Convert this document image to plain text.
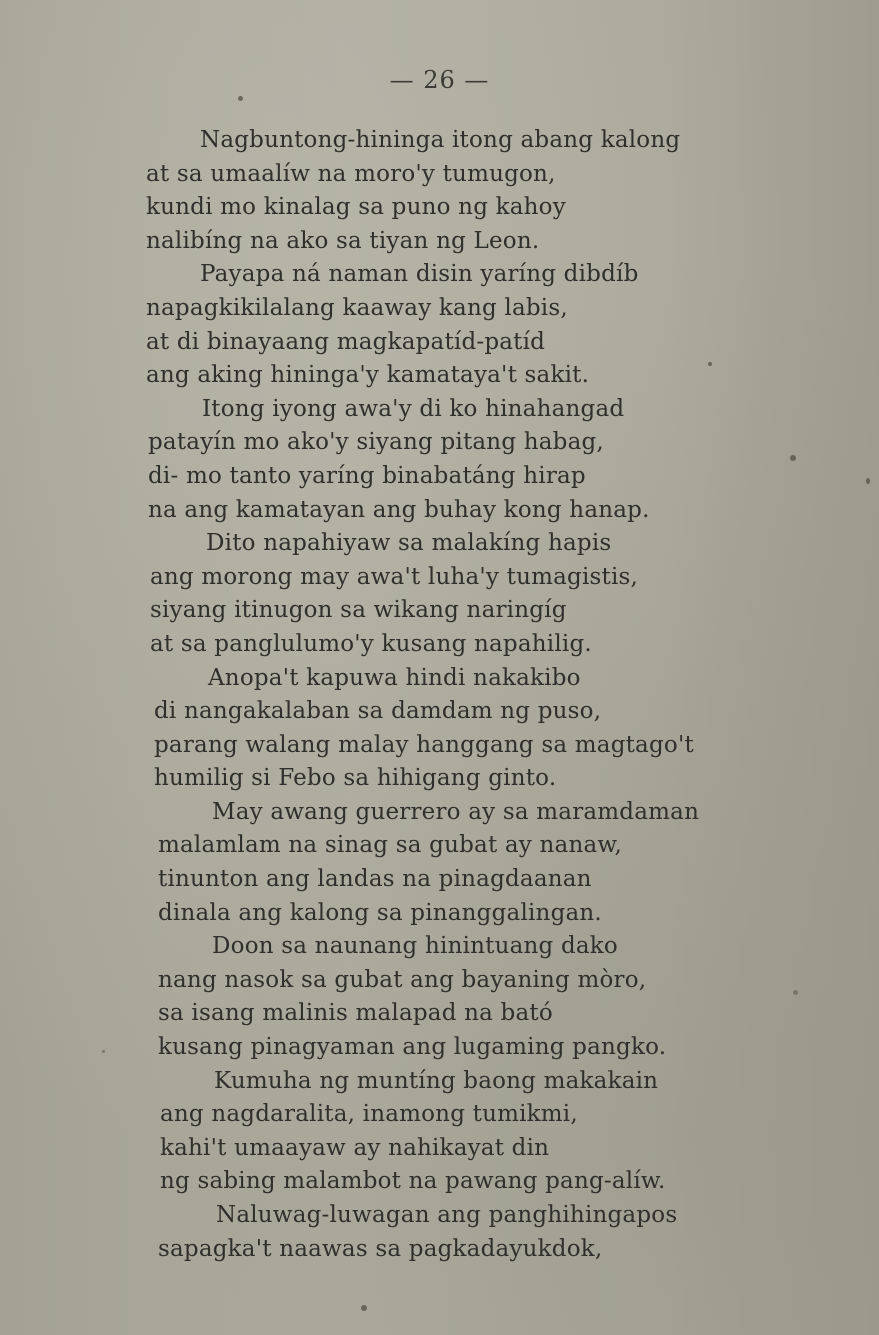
— 26 —
Nagbuntong-hininga itong abang kalong
at sa umaalíw na moro'y tumugon,
kundi mo kinalag sa puno ng kahoy
nalibíng na ako sa tiyan ng Leon.
Payapa ná naman disin yaríng dibdíb
napagkikilalang kaaway kang labis,
at di binayaang magkapatíd-patíd
ang aking hininga'y kamataya't sakit.
Itong iyong awa'y di ko hinahangad
patayín mo ako'y siyang pitang habag,
di- mo tanto yaríng binabatáng hirap
na ang kamatayan ang buhay kong hanap.
Dito napahiyaw sa malakíng hapis
ang morong may awa't luha'y tumagistis,
siyang itinugon sa wikang naringíg
at sa panglulumo'y kusang napahilig.
Anopa't kapuwa hindi nakakibo
di nangakalaban sa damdam ng puso,
parang walang malay hanggang sa magtago't
humilig si Febo sa hihigang ginto.
May awang guerrero ay sa maramdaman
malamlam na sinag sa gubat ay nanaw,
tinunton ang landas na pinagdaanan
dinala ang kalong sa pinanggalingan.
Doon sa naunang hinintuang dako
nang nasok sa gubat ang bayaning mòro,
sa isang malinis malapad na bató
kusang pinagyaman ang lugaming pangko.
Kumuha ng muntíng baong makakain
ang nagdaralita, inamong tumikmi,
kahi't umaayaw ay nahikayat din
ng sabing malambot na pawang pang-alíw.
Naluwag-luwagan ang panghihingapos
sapagka't naawas sa pagkadayukdok,
